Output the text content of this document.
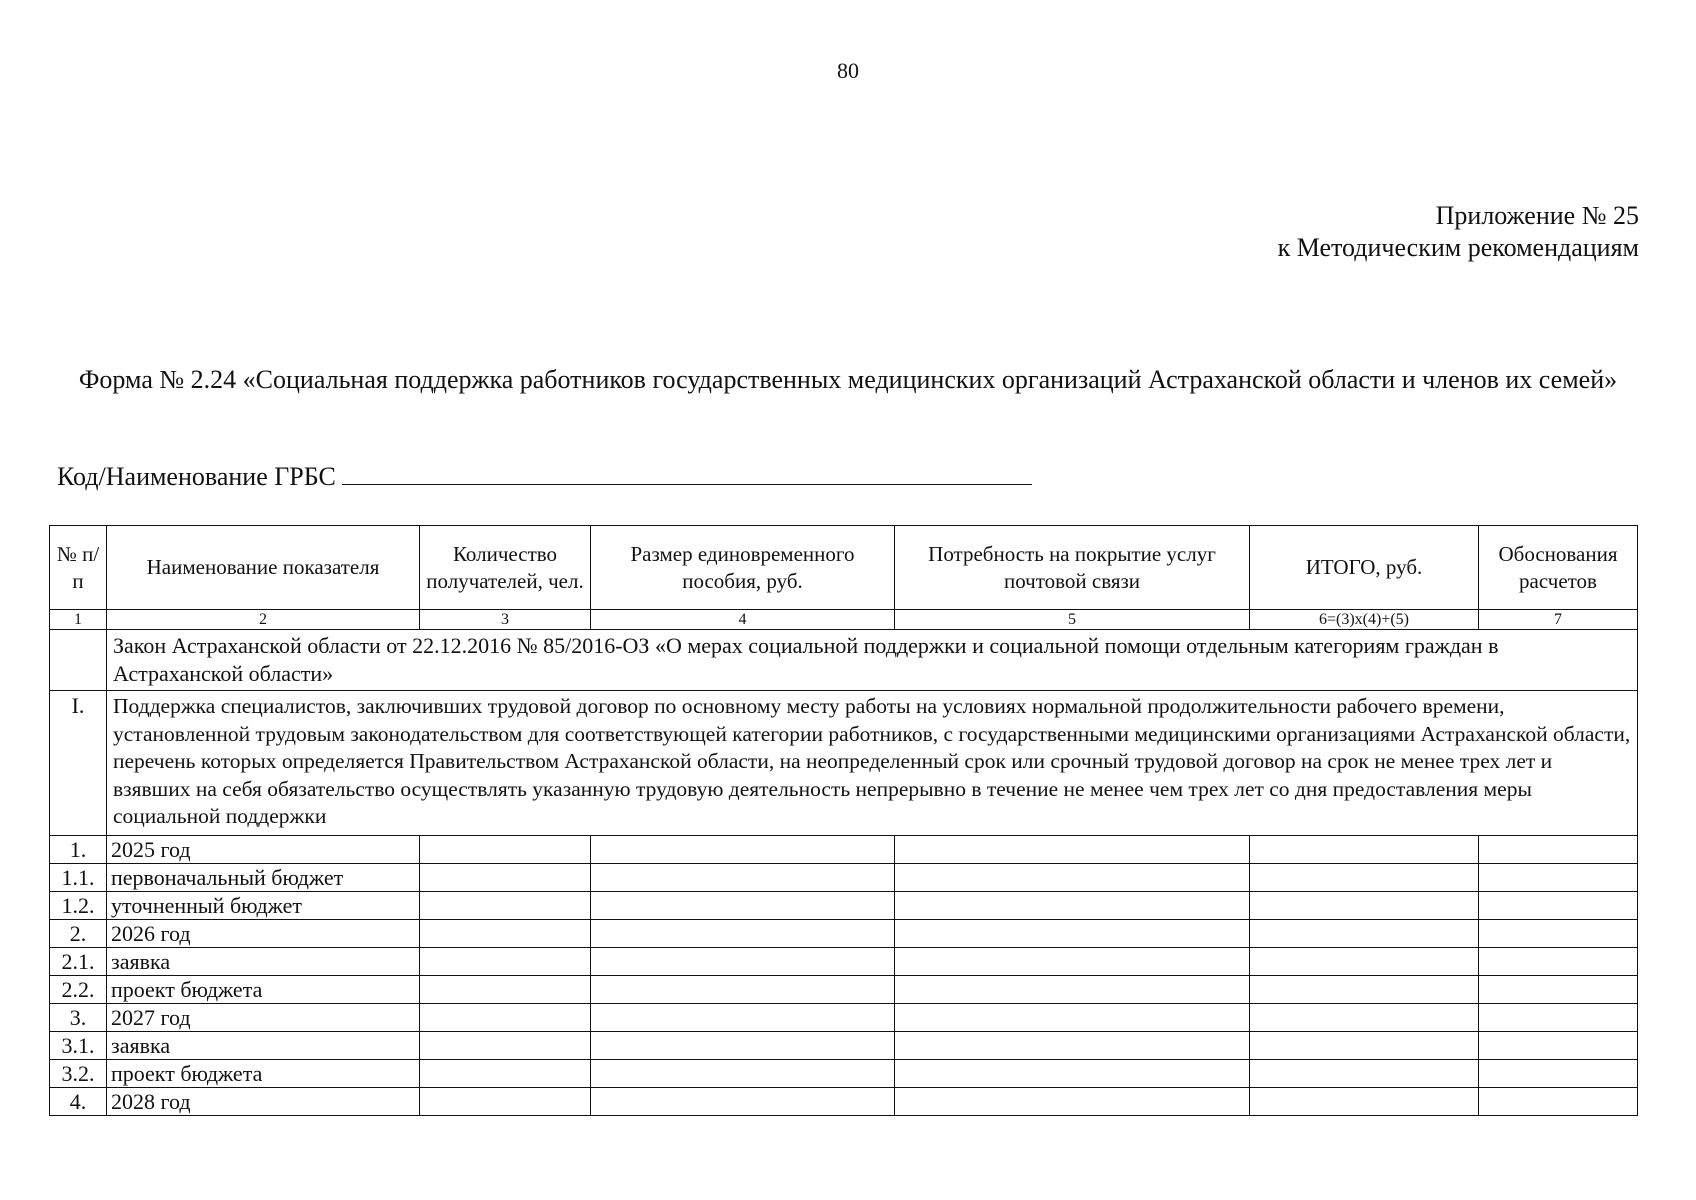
80
Приложение № 25
к Методическим рекомендациям
Форма № 2.24 «Социальная поддержка работников государственных медицинских организаций Астраханской области и членов их семей»
Код/Наименование ГРБС
№ п/п	Наименование показателя	Количество получателей, чел.	Размер единовременного пособия, руб.	Потребность на покрытие услуг почтовой связи	ИТОГО, руб.	Обоснования расчетов
1	2	3	4	5	6=(3)х(4)+(5)	7
	Закон Астраханской области от 22.12.2016 № 85/2016-ОЗ «О мерах социальной поддержки и социальной помощи отдельным категориям граждан в Астраханской области»					
I.	Поддержка специалистов, заключивших трудовой договор по основному месту работы на условиях нормальной продолжительности рабочего времени, установленной трудовым законодательством для соответствующей категории работников, с государственными медицинскими организациями Астраханской области, перечень которых определяется Правительством Астраханской области, на неопределенный срок или срочный трудовой договор на срок не менее трех лет и взявших на себя обязательство осуществлять указанную трудовую деятельность непрерывно в течение не менее чем трех лет со дня предоставления меры социальной поддержки					
1.	2025 год					
1.1.	первоначальный бюджет					
1.2.	уточненный бюджет					
2.	2026 год					
2.1.	заявка					
2.2.	проект бюджета					
3.	2027 год					
3.1.	заявка					
3.2.	проект бюджета					
4.	2028 год					
